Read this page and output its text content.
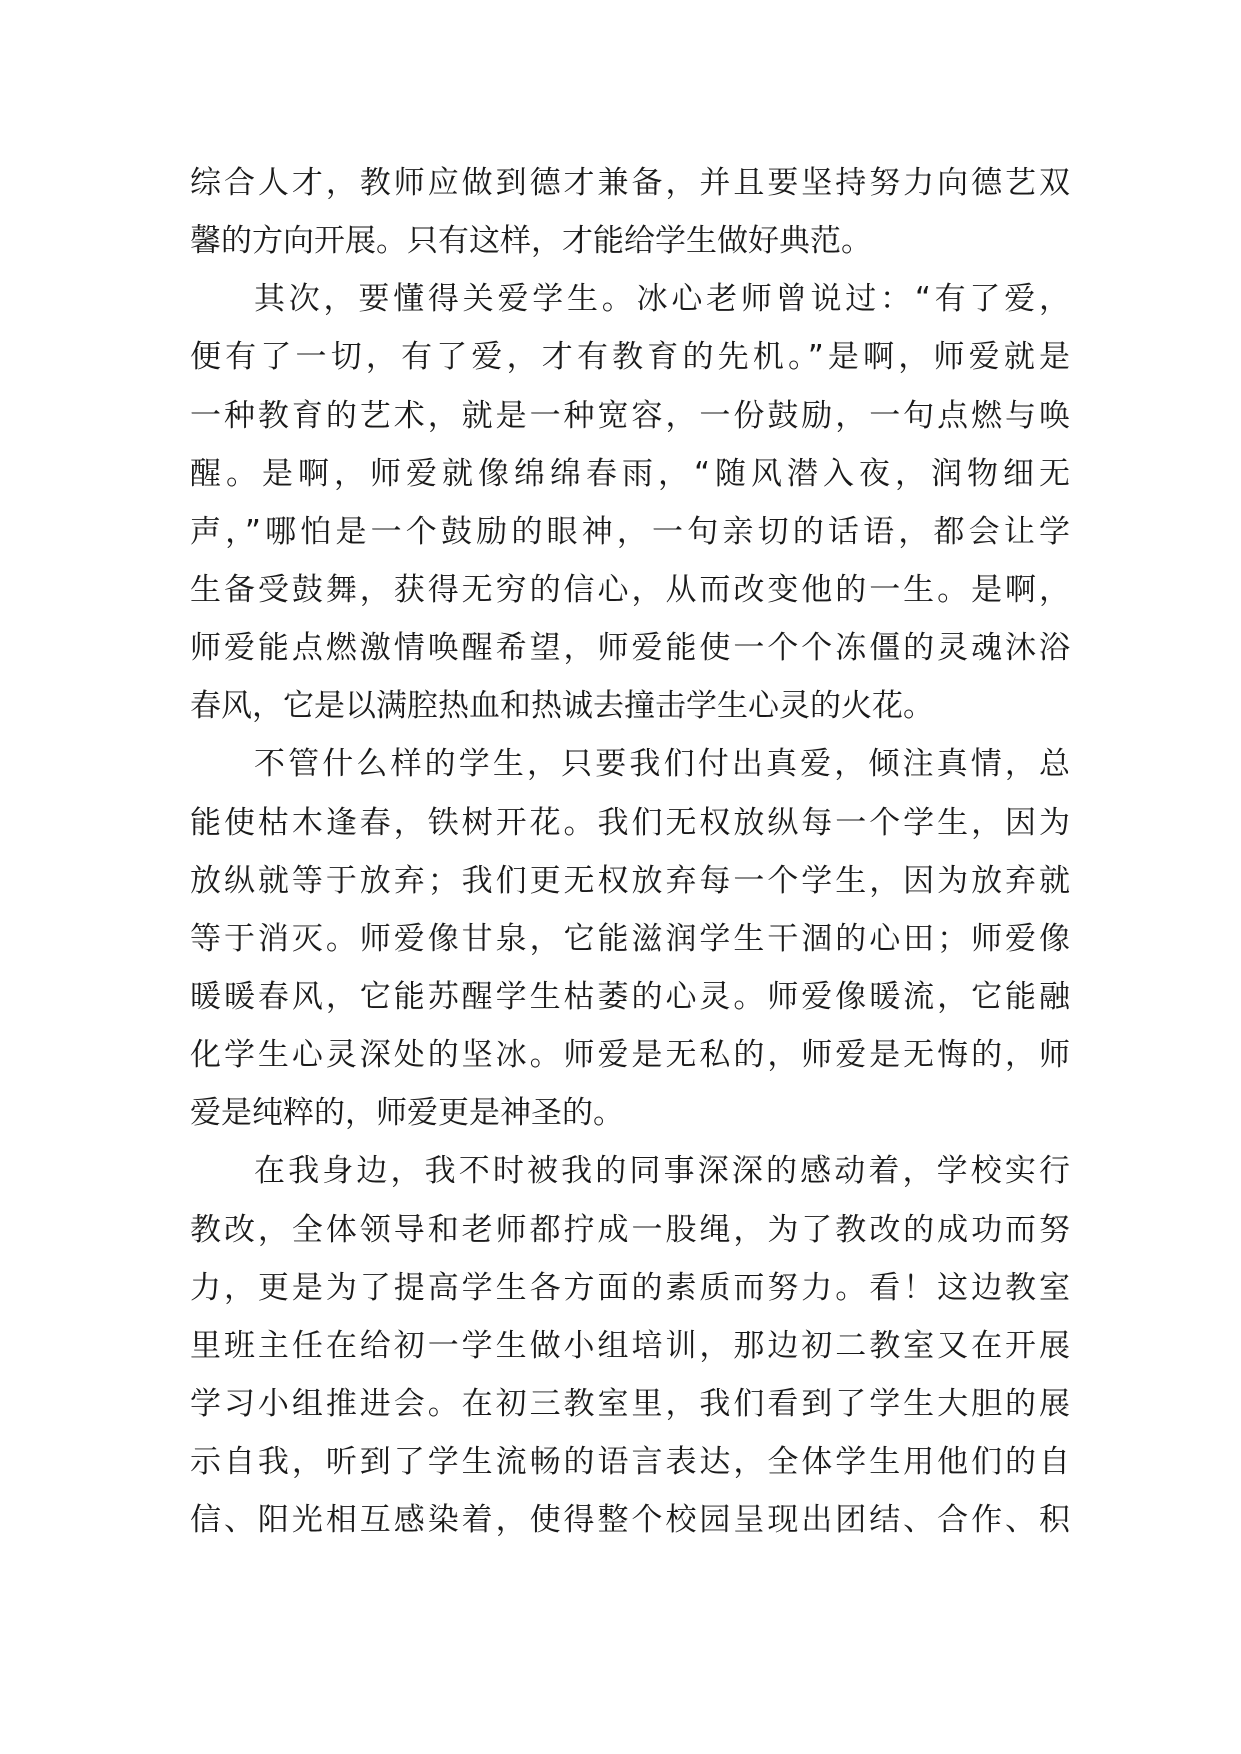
综合人才，教师应做到德才兼备，并且要坚持努力向德艺双
馨的方向开展。只有这样，才能给学生做好典范。
其次，要懂得关爱学生。冰心老师曾说过：“有了爱，
便有了一切，有了爱，才有教育的先机。”是啊，师爱就是
一种教育的艺术，就是一种宽容，一份鼓励，一句点燃与唤
醒。是啊，师爱就像绵绵春雨，“随风潜入夜，润物细无
声，”哪怕是一个鼓励的眼神，一句亲切的话语，都会让学
生备受鼓舞，获得无穷的信心，从而改变他的一生。是啊，
师爱能点燃激情唤醒希望，师爱能使一个个冻僵的灵魂沐浴
春风，它是以满腔热血和热诚去撞击学生心灵的火花。
不管什么样的学生，只要我们付出真爱，倾注真情，总
能使枯木逢春，铁树开花。我们无权放纵每一个学生，因为
放纵就等于放弃；我们更无权放弃每一个学生，因为放弃就
等于消灭。师爱像甘泉，它能滋润学生干涸的心田；师爱像
暖暖春风，它能苏醒学生枯萎的心灵。师爱像暖流，它能融
化学生心灵深处的坚冰。师爱是无私的，师爱是无悔的，师
爱是纯粹的，师爱更是神圣的。
在我身边，我不时被我的同事深深的感动着，学校实行
教改，全体领导和老师都拧成一股绳，为了教改的成功而努
力，更是为了提高学生各方面的素质而努力。看！这边教室
里班主任在给初一学生做小组培训，那边初二教室又在开展
学习小组推进会。在初三教室里，我们看到了学生大胆的展
示自我，听到了学生流畅的语言表达，全体学生用他们的自
信、阳光相互感染着，使得整个校园呈现出团结、合作、积
